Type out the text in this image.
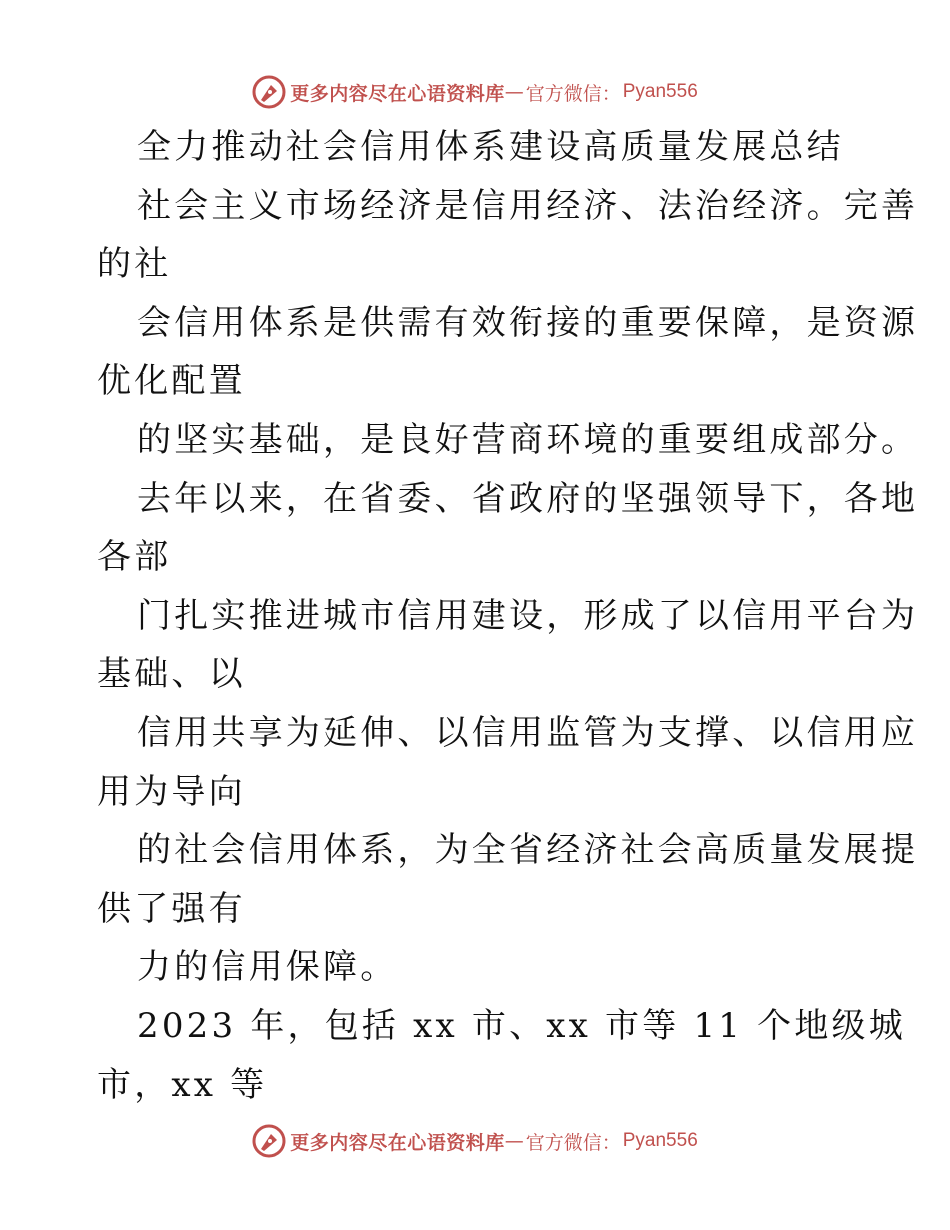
更多内容尽在心语资料库 — 官方微信： Pyan556
全力推动社会信用体系建设高质量发展总结
社会主义市场经济是信用经济、法治经济。完善
的社
会信用体系是供需有效衔接的重要保障，是资源
优化配置
的坚实基础，是良好营商环境的重要组成部分。
去年以来，在省委、省政府的坚强领导下，各地
各部
门扎实推进城市信用建设，形成了以信用平台为
基础、以
信用共享为延伸、以信用监管为支撑、以信用应
用为导向
的社会信用体系，为全省经济社会高质量发展提
供了强有
力的信用保障。
2023 年，包括 xx 市、xx 市等 11 个地级城
市，xx 等
更多内容尽在心语资料库 — 官方微信： Pyan556
